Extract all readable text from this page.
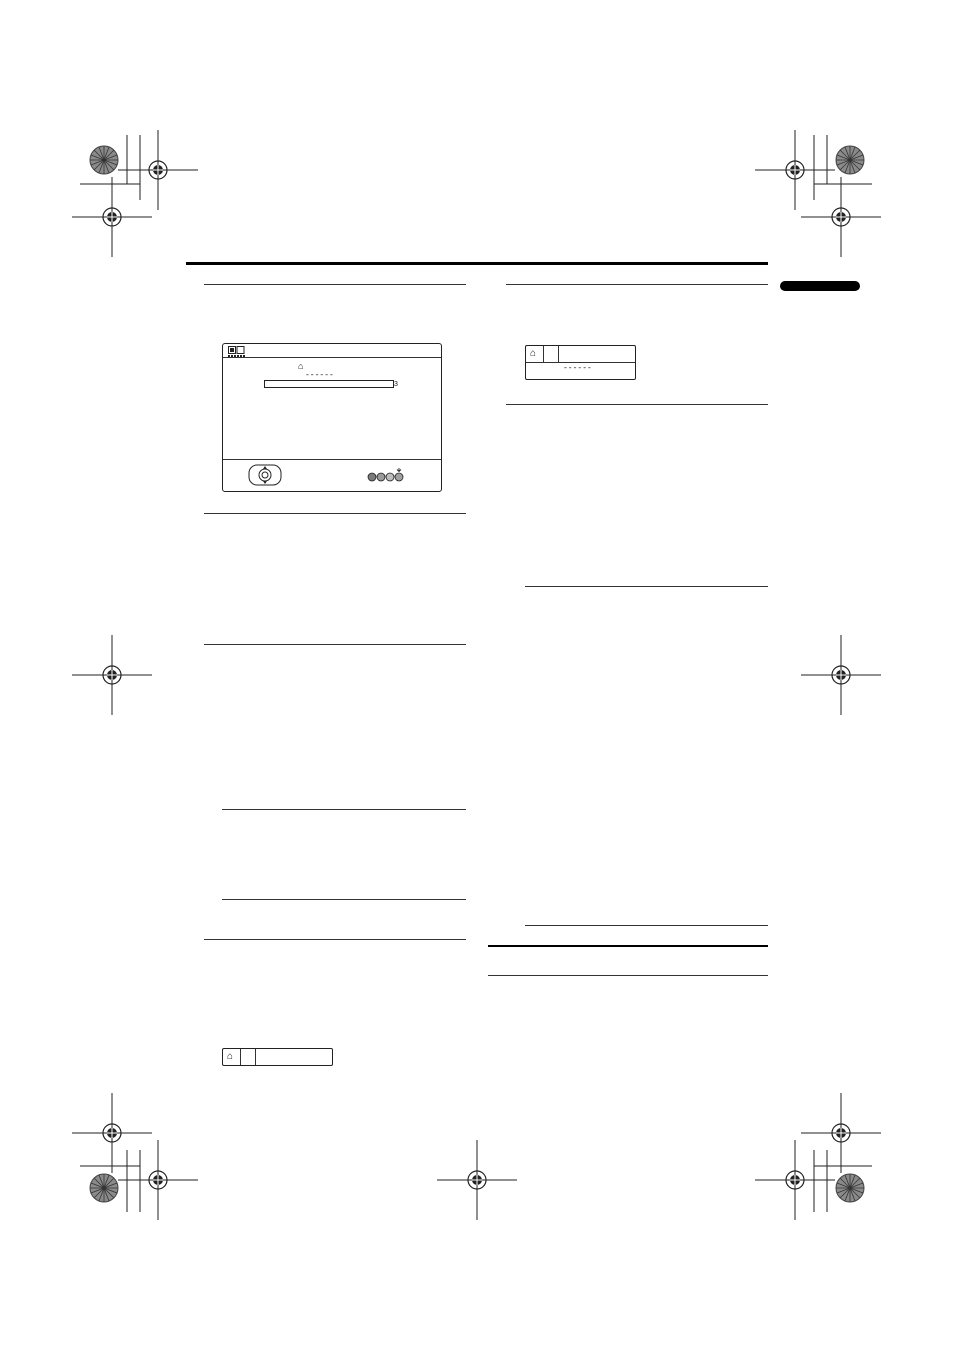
⌂
------
3
⌂
⌂
------
